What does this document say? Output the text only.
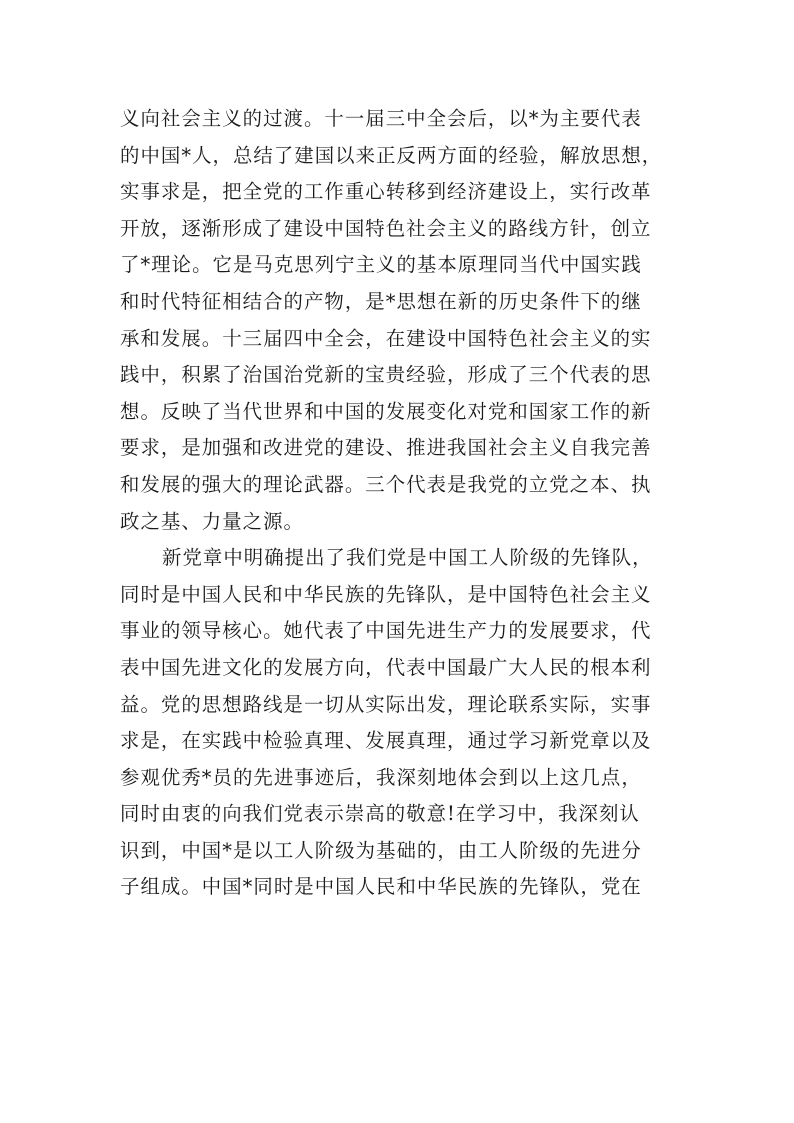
义向社会主义的过渡。十一届三中全会后，以*为主要代表
的中国*人，总结了建国以来正反两方面的经验，解放思想，
实事求是，把全党的工作重心转移到经济建设上，实行改革
开放，逐渐形成了建设中国特色社会主义的路线方针，创立
了*理论。它是马克思列宁主义的基本原理同当代中国实践
和时代特征相结合的产物，是*思想在新的历史条件下的继
承和发展。十三届四中全会，在建设中国特色社会主义的实
践中，积累了治国治党新的宝贵经验，形成了三个代表的思
想。反映了当代世界和中国的发展变化对党和国家工作的新
要求，是加强和改进党的建设、推进我国社会主义自我完善
和发展的强大的理论武器。三个代表是我党的立党之本、执
政之基、力量之源。
新党章中明确提出了我们党是中国工人阶级的先锋队，
同时是中国人民和中华民族的先锋队，是中国特色社会主义
事业的领导核心。她代表了中国先进生产力的发展要求，代
表中国先进文化的发展方向，代表中国最广大人民的根本利
益。党的思想路线是一切从实际出发，理论联系实际，实事
求是，在实践中检验真理、发展真理，通过学习新党章以及
参观优秀*员的先进事迹后，我深刻地体会到以上这几点，
同时由衷的向我们党表示崇高的敬意!在学习中，我深刻认
识到，中国*是以工人阶级为基础的，由工人阶级的先进分
子组成。中国*同时是中国人民和中华民族的先锋队，党在
